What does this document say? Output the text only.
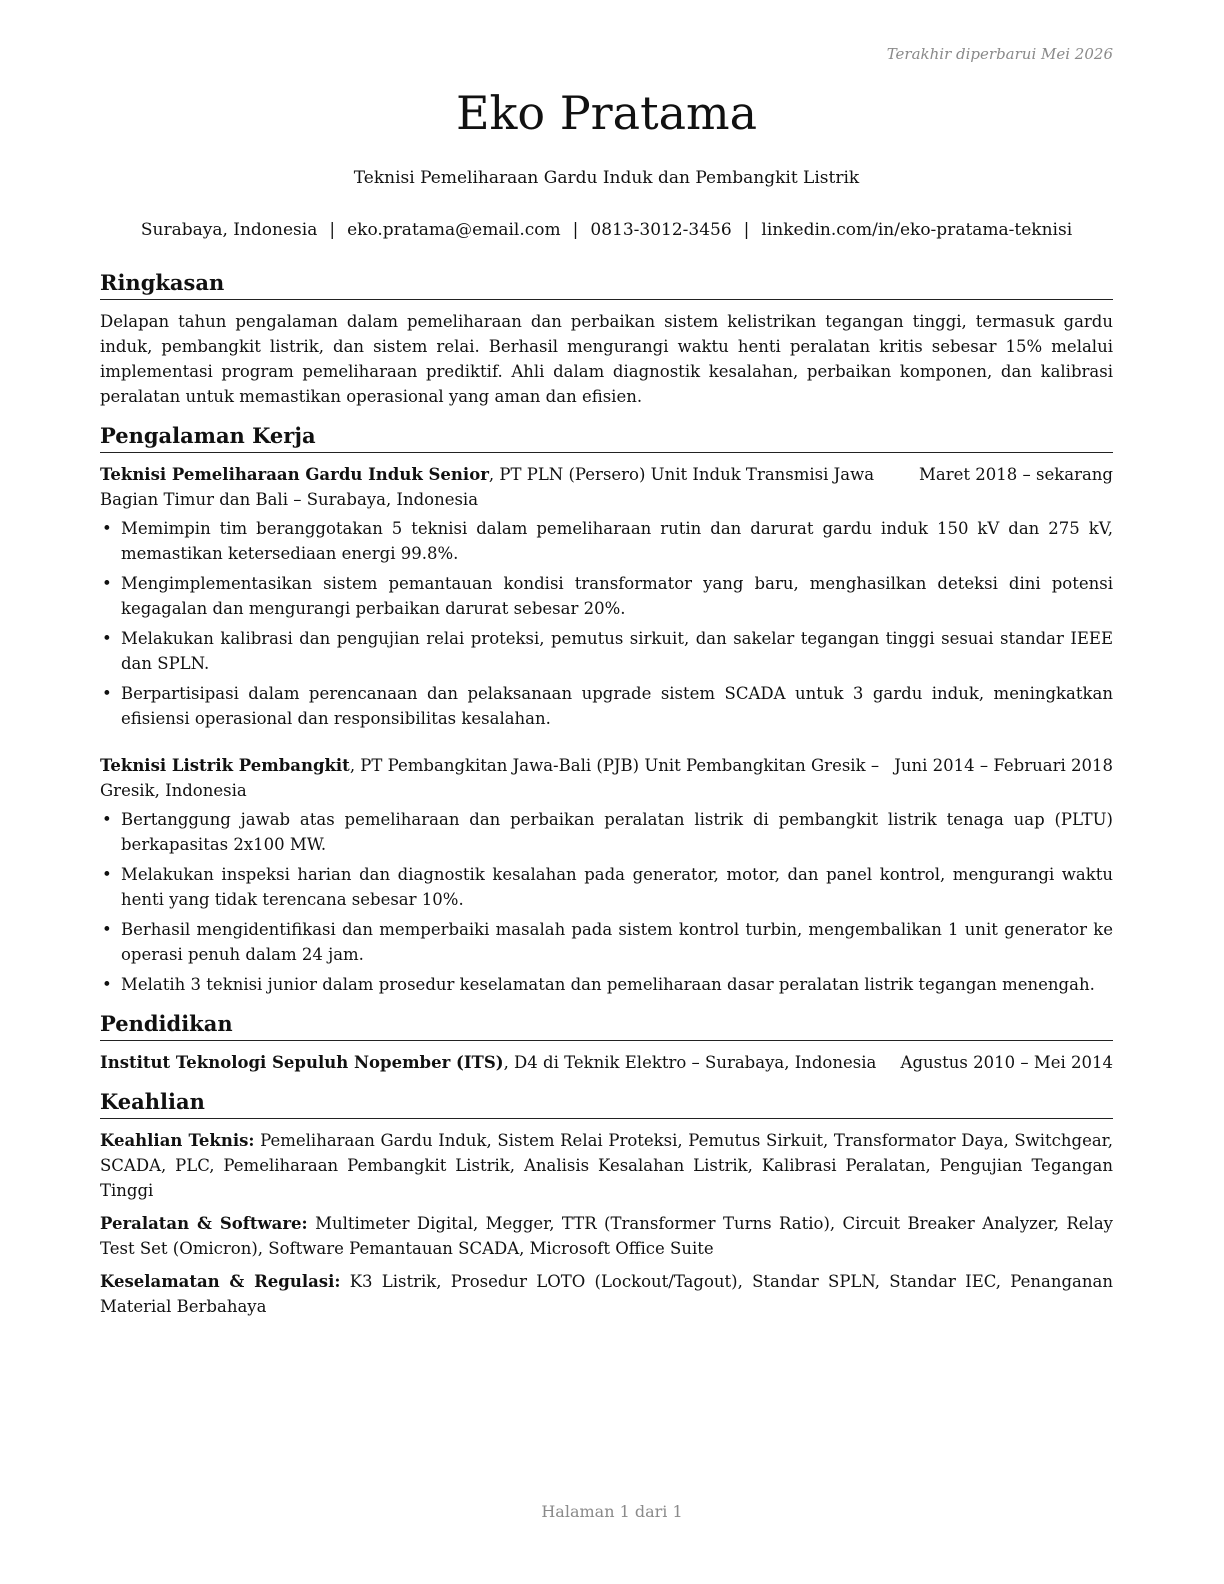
Terakhir diperbarui Mei 2026
Eko Pratama
Teknisi Pemeliharaan Gardu Induk dan Pembangkit Listrik
Surabaya, Indonesia | eko.pratama@email.com | 0813-3012-3456 | linkedin.com/in/eko-pratama-teknisi
Ringkasan

Delapan tahun pengalaman dalam pemeliharaan dan perbaikan sistem kelistrikan tegangan tinggi, termasuk gardu induk, pembangkit listrik, dan sistem relai. Berhasil mengurangi waktu henti peralatan kritis sebesar 15% melalui implementasi program pemeliharaan prediktif. Ahli dalam diagnostik kesalahan, perbaikan komponen, dan kalibrasi peralatan untuk memastikan operasional yang aman dan efisien.

Pengalaman Kerja
Maret 2018 – sekarang
Teknisi Pemeliharaan Gardu Induk Senior, PT PLN (Persero) Unit Induk Transmisi Jawa Bagian Timur dan Bali – Surabaya, Indonesia
• Memimpin tim beranggotakan 5 teknisi dalam pemeliharaan rutin dan darurat gardu induk 150 kV dan 275 kV, memastikan ketersediaan energi 99.8%.
• Mengimplementasikan sistem pemantauan kondisi transformator yang baru, menghasilkan deteksi dini potensi kegagalan dan mengurangi perbaikan darurat sebesar 20%.
• Melakukan kalibrasi dan pengujian relai proteksi, pemutus sirkuit, dan sakelar tegangan tinggi sesuai standar IEEE dan SPLN.
• Berpartisipasi dalam perencanaan dan pelaksanaan upgrade sistem SCADA untuk 3 gardu induk, meningkatkan efisiensi operasional dan responsibilitas kesalahan.
Juni 2014 – Februari 2018
Teknisi Listrik Pembangkit, PT Pembangkitan Jawa-Bali (PJB) Unit Pembangkitan Gresik – Gresik, Indonesia
• Bertanggung jawab atas pemeliharaan dan perbaikan peralatan listrik di pembangkit listrik tenaga uap (PLTU) berkapasitas 2x100 MW.
• Melakukan inspeksi harian dan diagnostik kesalahan pada generator, motor, dan panel kontrol, mengurangi waktu henti yang tidak terencana sebesar 10%.
• Berhasil mengidentifikasi dan memperbaiki masalah pada sistem kontrol turbin, mengembalikan 1 unit generator ke operasi penuh dalam 24 jam.
• Melatih 3 teknisi junior dalam prosedur keselamatan dan pemeliharaan dasar peralatan listrik tegangan menengah.
Pendidikan
Agustus 2010 – Mei 2014
Institut Teknologi Sepuluh Nopember (ITS), D4 di Teknik Elektro – Surabaya, Indonesia
Keahlian

Keahlian Teknis: Pemeliharaan Gardu Induk, Sistem Relai Proteksi, Pemutus Sirkuit, Transformator Daya, Switchgear, SCADA, PLC, Pemeliharaan Pembangkit Listrik, Analisis Kesalahan Listrik, Kalibrasi Peralatan, Pengujian Tegangan Tinggi

Peralatan & Software: Multimeter Digital, Megger, TTR (Transformer Turns Ratio), Circuit Breaker Analyzer, Relay Test Set (Omicron), Software Pemantauan SCADA, Microsoft Office Suite

Keselamatan & Regulasi: K3 Listrik, Prosedur LOTO (Lockout/Tagout), Standar SPLN, Standar IEC, Penanganan Material Berbahaya

Halaman 1 dari 1
